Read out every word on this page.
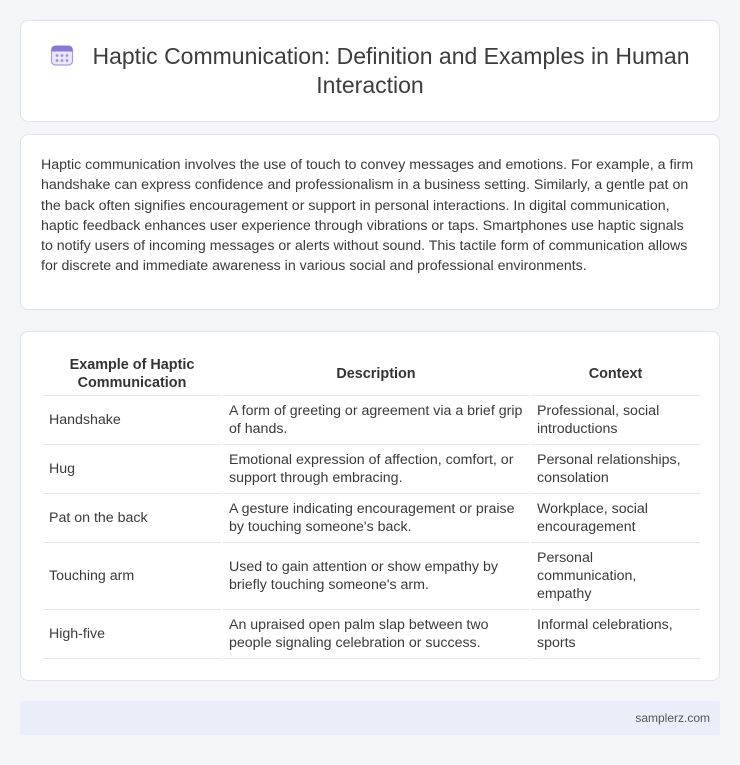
Haptic Communication: Definition and Examples in Human Interaction

Haptic communication involves the use of touch to convey messages and emotions. For example, a firm handshake can express confidence and professionalism in a business setting. Similarly, a gentle pat on the back often signifies encouragement or support in personal interactions. In digital communication, haptic feedback enhances user experience through vibrations or taps. Smartphones use haptic signals to notify users of incoming messages or alerts without sound. This tactile form of communication allows for discrete and immediate awareness in various social and professional environments.

Example of Haptic Communication	Description	Context
Handshake	A form of greeting or agreement via a brief grip of hands.	Professional, social introductions
Hug	Emotional expression of affection, comfort, or support through embracing.	Personal relationships, consolation
Pat on the back	A gesture indicating encouragement or praise by touching someone's back.	Workplace, social encouragement
Touching arm	Used to gain attention or show empathy by briefly touching someone's arm.	Personal communication, empathy
High-five	An upraised open palm slap between two people signaling celebration or success.	Informal celebrations, sports
samplerz.com
